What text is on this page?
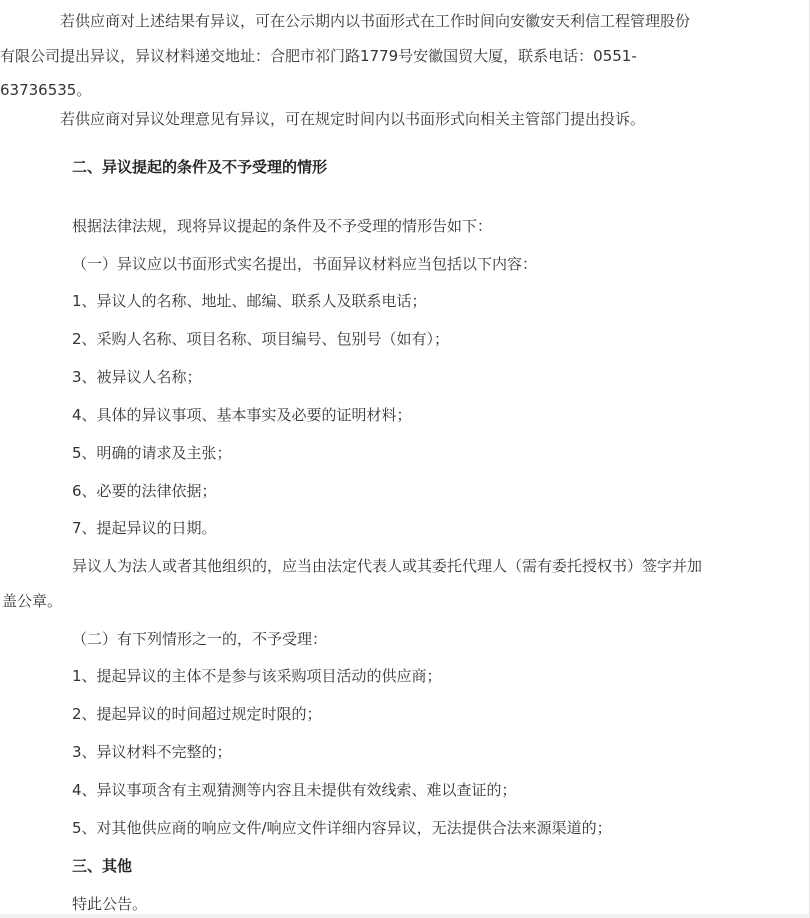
若供应商对上述结果有异议，可在公示期内以书面形式在工作时间向安徽安天利信工程管理股份

有限公司提出异议，异议材料递交地址：合肥市祁门路1779号安徽国贸大厦，联系电话：0551-

63736535。

若供应商对异议处理意见有异议，可在规定时间内以书面形式向相关主管部门提出投诉。

二、异议提起的条件及不予受理的情形

根据法律法规，现将异议提起的条件及不予受理的情形告如下：

（一）异议应以书面形式实名提出，书面异议材料应当包括以下内容：

1、异议人的名称、地址、邮编、联系人及联系电话；

2、采购人名称、项目名称、项目编号、包别号（如有）；

3、被异议人名称；

4、具体的异议事项、基本事实及必要的证明材料；

5、明确的请求及主张；

6、必要的法律依据；

7、提起异议的日期。

异议人为法人或者其他组织的，应当由法定代表人或其委托代理人（需有委托授权书）签字并加

盖公章。

（二）有下列情形之一的，不予受理：

1、提起异议的主体不是参与该采购项目活动的供应商；

2、提起异议的时间超过规定时限的；

3、异议材料不完整的；

4、异议事项含有主观猜测等内容且未提供有效线索、难以查证的；

5、对其他供应商的响应文件/响应文件详细内容异议，无法提供合法来源渠道的；

三、其他

特此公告。
